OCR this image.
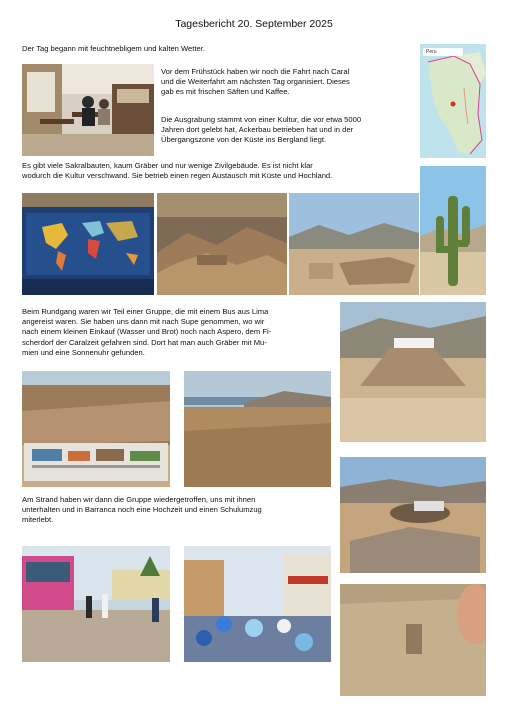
Tagesbericht 20. September 2025
Der Tag begann mit feuchtnebligem und kalten Wetter.
Vor dem Frühstück haben wir noch die Fahrt nach Caral
und die Weiterfahrt am nächsten Tag organisiert. Dieses
gab es mit frischen Säften und Kaffee.
Die Ausgrabung stammt von einer Kultur, die vor etwa 5000
Jahren dort gelebt hat, Ackerbau betrieben hat und in der
Übergangszone von der Küste ins Bergland liegt.
Es gibt viele Sakralbauten, kaum Gräber und nur wenige Zivilgebäude. Es ist nicht klar
wodurch die Kultur verschwand. Sie betrieb einen regen Austausch mit Küste und Hochland.
Beim Rundgang waren wir Teil einer Gruppe, die mit einem Bus aus Lima
angereist waren. Sie haben uns dann mit nach Supe genommen, wo wir
nach einem kleinen Einkauf (Wasser und Brot) noch nach Aspero, dem Fi-
scherdorf der Caralzeit gefahren sind. Dort hat man auch Gräber mit Mu-
mien und eine Sonnenuhr gefunden.
Am Strand haben wir dann die Gruppe wiedergetroffen, uns mit ihnen
unterhalten und in Barranca noch eine Hochzeit und einen Schulumzug
miterlebt.
Peru
